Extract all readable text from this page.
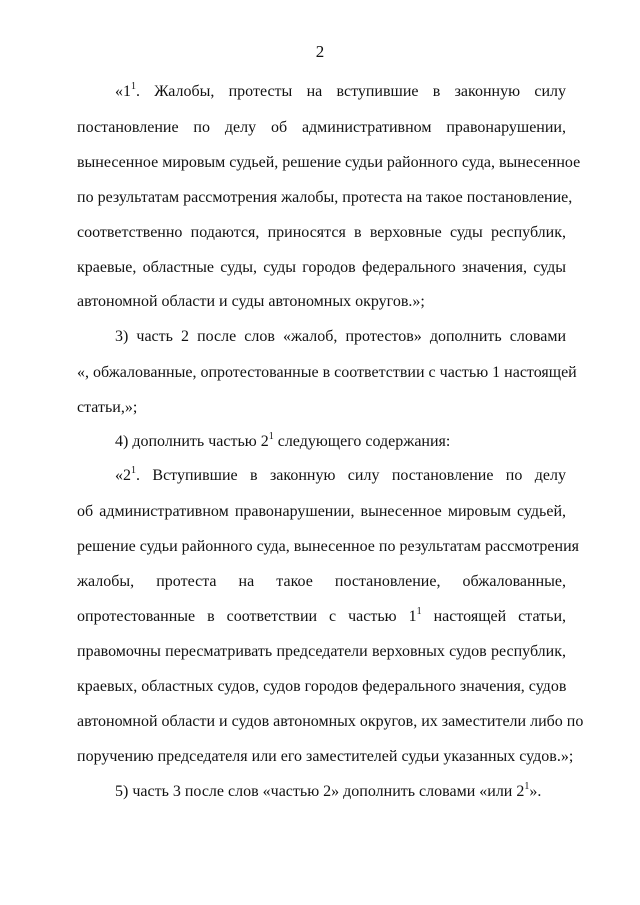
2
«$1^1$. Жалобы, протесты на вступившие в законную силу
постановление по делу об административном правонарушении,
вынесенное мировым судьей, решение судьи районного суда, вынесенное
по результатам рассмотрения жалобы, протеста на такое постановление,
соответственно подаются, приносятся в верховные суды республик,
краевые, областные суды, суды городов федерального значения, суды
автономной области и суды автономных округов.»;
3) часть 2 после слов «жалоб, протестов» дополнить словами
«, обжалованные, опротестованные в соответствии с частью 1 настоящей
статьи,»;
4) дополнить частью $2^1$ следующего содержания:
«$2^1$. Вступившие в законную силу постановление по делу
об административном правонарушении, вынесенное мировым судьей,
решение судьи районного суда, вынесенное по результатам рассмотрения
жалобы, протеста на такое постановление, обжалованные,
опротестованные в соответствии с частью $1^1$ настоящей статьи,
правомочны пересматривать председатели верховных судов республик,
краевых, областных судов, судов городов федерального значения, судов
автономной области и судов автономных округов, их заместители либо по
поручению председателя или его заместителей судьи указанных судов.»;
5) часть 3 после слов «частью 2» дополнить словами «или $2^1$».
